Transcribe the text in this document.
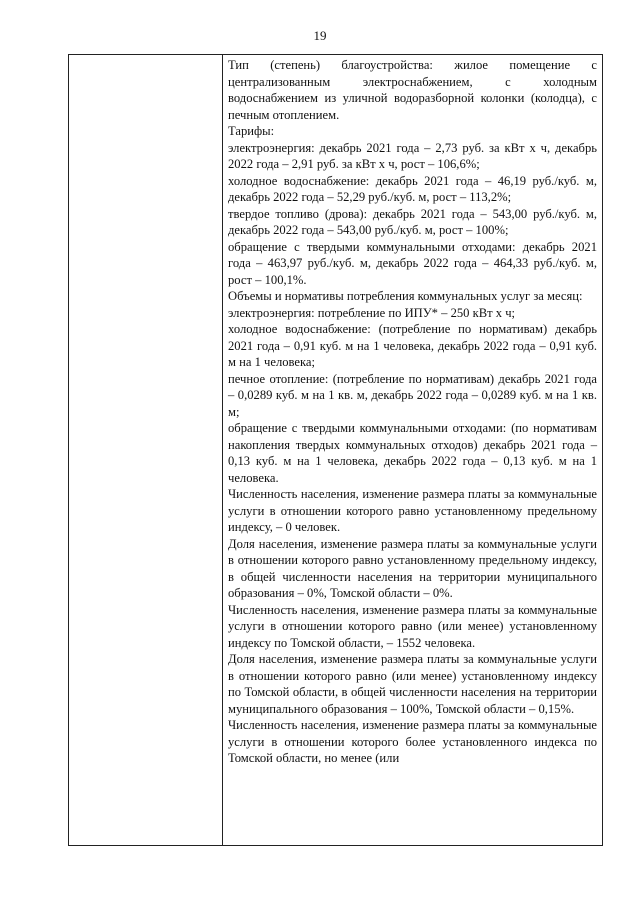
19

Тип (степень) благоустройства: жилое помещение с централизованным электроснабжением, с холодным водоснабжением из уличной водоразборной колонки (колодца), с печным отоплением.

Тарифы:

электроэнергия: декабрь 2021 года – 2,73 руб. за кВт х ч, декабрь 2022 года – 2,91 руб. за кВт х ч, рост – 106,6%;

холодное водоснабжение: декабрь 2021 года – 46,19 руб./куб. м, декабрь 2022 года – 52,29 руб./куб. м, рост – 113,2%;

твердое топливо (дрова): декабрь 2021 года – 543,00 руб./куб. м, декабрь 2022 года – 543,00 руб./куб. м, рост – 100%;

обращение с твердыми коммунальными отходами: декабрь 2021 года – 463,97 руб./куб. м, декабрь 2022 года – 464,33 руб./куб. м, рост – 100,1%.

Объемы и нормативы потребления коммунальных услуг за месяц:

электроэнергия: потребление по ИПУ* – 250 кВт х ч;

холодное водоснабжение: (потребление по нормативам) декабрь 2021 года – 0,91 куб. м на 1 человека, декабрь 2022 года – 0,91 куб. м на 1 человека;

печное отопление: (потребление по нормативам) декабрь 2021 года – 0,0289 куб. м на 1 кв. м, декабрь 2022 года – 0,0289 куб. м на 1 кв. м;

обращение с твердыми коммунальными отходами: (по нормативам накопления твердых коммунальных отходов) декабрь 2021 года – 0,13 куб. м на 1 человека, декабрь 2022 года – 0,13 куб. м на 1 человека.

Численность населения, изменение размера платы за коммунальные услуги в отношении которого равно установленному предельному индексу, – 0 человек.

Доля населения, изменение размера платы за коммунальные услуги в отношении которого равно установленному предельному индексу, в общей численности населения на территории муниципального образования – 0%, Томской области – 0%.

Численность населения, изменение размера платы за коммунальные услуги в отношении которого равно (или менее) установленному индексу по Томской области, – 1552 человека.

Доля населения, изменение размера платы за коммунальные услуги в отношении которого равно (или менее) установленному индексу по Томской области, в общей численности населения на территории муниципального образования – 100%, Томской области – 0,15%.

Численность населения, изменение размера платы за коммунальные услуги в отношении которого более установленного индекса по Томской области, но менее (или
